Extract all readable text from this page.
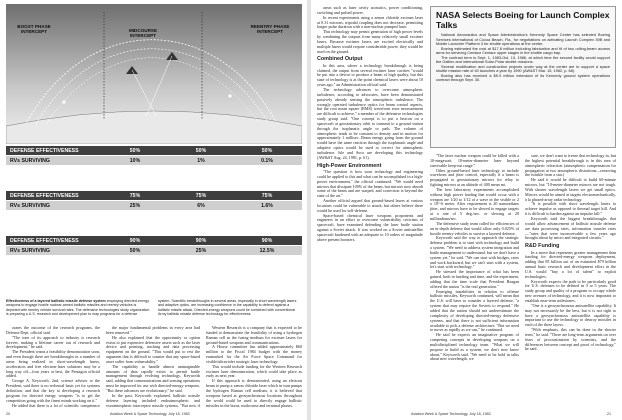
BOOST PHASE INTERCEPT	MIDCOURSE INTERCEPT
REENTRY PHASE INTERCEPT
DEFENSE EFFECTIVENESS	50%	50%	50%
RVs SURVIVING	10%	1%	0.1%
DEFENSE EFFECTIVENESS	75%	75%	75%
RVs SURVIVING	25%	6%	1.6%
DEFENSE EFFECTIVENESS	90%	90%	90%
RVs SURVIVING	50%	25%	12.5%
Effectiveness of a layered ballistic missile defense system employing directed-energy weapons to engage hostile nuclear-armed ballistic missiles and reentry vehicles is depicted with reentry vehicle survival rates. The defensive technologies study organization is preparing a U.S. research and development plan to map programs for a defense system. Scientific breakthroughs in several areas, especially in short wavelength lasers and adaptive optics, are increasing confidence in the capability to defend against a ballistic missile attack. Directed-energy weapons could be combined with conventional Army ballistic missile defense technology for effectiveness.

orates the outcome of the research programs, the Defense Dept. official said.

"The tone of its approach to industry is research forever, making a lifetime career out of research and development," he said.

The President wants a feasibility demonstration soon, and even though there are breakthroughs in a number of areas being realized in short-wavelength lasers, accelerators and free electron-laser solutions may be a long way off—four years at best, the Pentagon official added.

George A. Keyworth, 2nd, science adviser to the President, said there is no technical basis yet for systems definition, and that the key to developing a research program for directed energy weapons "is to get the competition going with the finest minds working on it."

He added that there is a lot of scientific competence

the major fundamental problems in every area had been removed."

He also explained that the opportunity or option exists to put expensive defensive assets such as the laser device and pointing, tracking and data processing equipment on the ground. "This would put to rest the argument that is difficult to counter that any space-based asset suffer from vulnerability."

The capability to handle almost unimaginable amounts of data rapidly exists to permit battle management through evolving technology, Keyworth said, adding that communications and sensing operations must be improved for use with directed-energy weapons. "But these advances are evolutionary," he said.

In the past, Keyworth explained, ballistic missile defense layering included endoatmospheric and exoatmospheric interceptor missile systems. "But now if

Western Research is a company that is expected to be funded to demonstrate the feasibility of using a hydrogen Raman cell as the fusing medium for excimer lasers for ground-based weapons and communications.

A House committee has added approximately $60 million to the Fiscal 1984 budget with the money earmarked for the Air Force Space Command for visible/ultraviolet strategic laser technology.

This would include funding for the Western Research excimer laser demonstration, which could take place as early as next year.

If this approach is demonstrated, using an electron beam to pump a xenon chloride laser which in turn pumps the hydrogen Raman cell medium, it is believed that weapons based at geosynchronous locations throughout the world could be used to directly engage ballistic missiles in the boost, midcourse and terminal phases.

20	Aviation Week & Space Technology, July 18, 1983

areas such as laser cavity acoustics, power conditioning, switching and pulsed power.

In recent experiments using a xenon chloride excimer laser at 0.31 microns, tripodal coupling does not decrease, permitting longer pulse duration with a non-nuclear pumped laser.

This technology may permit generation of high power levels by combining the outputs from many relatively small excimer lasers. Because excimer lasers are excited electrically and multiple lasers would require considerable power, they would be used on the ground.

Combined Output

In this area, where a technology breakthrough is being claimed, the output from several excimer laser cavities "would be put into a device to produce a beam of high quality, but this state of technology is at the point chemical lasers were about 10 years ago," an Administration official said.

The technology advances to overcome atmospheric turbulence, according to advocates, have been demonstrated passively already sensing the atmospheric turbulence. The wrongly operated turbulence optics for beam control aspects, but the root mean square (RMS) wavefront error measurement are difficult to achieve," a member of the defensive technologies study group said. "One concept is to put a beacon on a spacecraft at geostationary orbit to transmit to a ground station through the isoplanatic angle or path. The volume of atmospheric tends to be constant to density and in motion for approximately 1 millisec. Beam energy going from the ground would have the same reaction through the isoplanatic angle and adaptive optics would be used to correct for atmospheric turbulence. Isle and Avco are developing this technology (AW&ST Aug. 24, 1981, p. 61).

High-Power Environment

"The question is how soon technology and engineering could be applied to this and what can be accomplished in a high-power environment," the official continued. "We would need mirrors that dissipate 100% of the beam, but mirrors now absorb some of the beam and are warped, and correction is beyond the state of the art."

Another official argued that ground-based lasers at various locations could be vulnerable to attack, but others believe there would be used for self-defense.

Space-based chemical laser weapons proponents and engineers in an effort to overcome vulnerability criticism of spacecraft, have examined defending the laser battle station against a Soviet attack. It was worked on a Soviet antisatellite spacecraft burdened with an adequate to 10 orders of magnitude above present boosters.

NASA Selects Boeing for Launch Complex Talks

National Aeronautics and Space Administration's Kennedy Space Center has selected Boeing Services International of Cocoa Beach, Fla., for negotiations on activating Launch Complex 39B and Mobile Launcher Platform 3 for shuttle operations at the center.

Boeing estimated the cost at $17.8 million including fabrication and fit of two rolling-beam access arms for servicing Centaur Centaur upper stages in the shuttle cargo bay.

The contract term is Sept. 1, 1983-Oct. 13, 1986, at which time the second facility would support the Galileo and international Solar-Polar shuttle missions.

Several modification and construction projects under way at the center are to support a space shuttle mission rate of 40 launches a year by 1990 (AW&ST Mar. 15, 1982, p. 68).

Boeing also has received a $5.9 million extension of its Kennedy ground system operations contract through Sept. 30.

"The laser nuclear weapon could be killed with a 10-megawatt, 10-meter-diameter laser beyond survivable keep-out range."

Other ground-based laser technology to include wavefront and jitter control, especially if a beam is propagated to geostationary mirrors for relay to fighting mirrors at an altitude of 400 mean mi.

The best laboratory experiments accomplished without high power loading that would occur with a weapon are 1/20 to 1/12 of a wave in the visible or 2 x 10^-6 meter. After requirement is 20 nanoradians jitter, and mirrors have to be slewed to engage targets at a rate of 5 deg./sec. or slewing at 20 milliradians/sec.

The defensive study team called for efficiencies of an in-depth defense that would allow only 0.025% of hostile reentry vehicles to survive a layered defense.

Keyworth said the way to approach the strategic defense problem is to start with technology and build a system. "We need to address system integration and battle management to understand, but we don't have a system yet," he said. "We can start with bridges, rates and work backward, but we can't start with a system, let's start with technology."

He stressed the importance of what has been gained, both in funding and time, and the experiment, adding that the time scale that President Reagan offered the nation "is the real generation."

Emerging instabilities in relation to offense ballistic missiles, Keyworth continued, will mean that the U.S. will have to consider a layered defense, "a system that may require the Soviets to respond." He added that the nation should not underestimate the complexity of developing directed-energy defensive systems, and that there is not sufficient information available to pick a defense architecture. "But we need to move as rapidly as we can," he continued.

He said he expects an imaginative program of competing concepts in developing weapons on a multidisciplined technology team. "What we will propose to build as a system, we don't now know about," Keyworth said. "We need to be bold in talks about new wavelength, we

sure, we don't want to freeze that technology in, but the highest potential breakthrough is in this area of atmospheric refraction (atmospheric compensation for propagation at two atmospheric distortions—removing the twinkle from a star.)

He said it would be difficult to build 60-minute mirrors, but "10-meter-diameter mirrors are not tough. With shorter wavelength lasers we get small optics. Mirrors would be aimed at targets electromechanically, à la phased-array radar technology.

"It is possible with short wavelength lasers to achieve impulse as opposed to thermal target kill. And it is difficult to harden against an impulse kill."

Keyworth said the biggest breakthroughs that would allow advancement of ballistic missile defense are data processing rates, information transfer rates—"rates that were inconceivable a few years ago brought about by micro and integrated circuits."

R&D Funding

In a move that represents greater management than funding for directed-energy weapons deployment, adding that 85 billion out of an estimated $79 billion annual basic research and development effort in the U.S. would "buy a lot of talent" to exploit technologies.

Keyworth expects the path to be particularly good for U.S. defenses to be defined in 3 to 5 years. The study group and quality of a program to occupy whole new avenues of technology, and it is now important to establish near-term milestones.

"One is a geosynchronous antisatellite capability. It may not necessarily be the best, but it is not right to have a geosynchronous antisatellite capability is important to use the technology to destroy missiles in each of the three layers.

"With emphasis, this can be done in the shorter term," he said. "There are long-term arguments on over fears of procrastination by scientists, and the differences between concept and proof of technology," he said.

Aviation Week & Space Technology, July 18, 1983	21
